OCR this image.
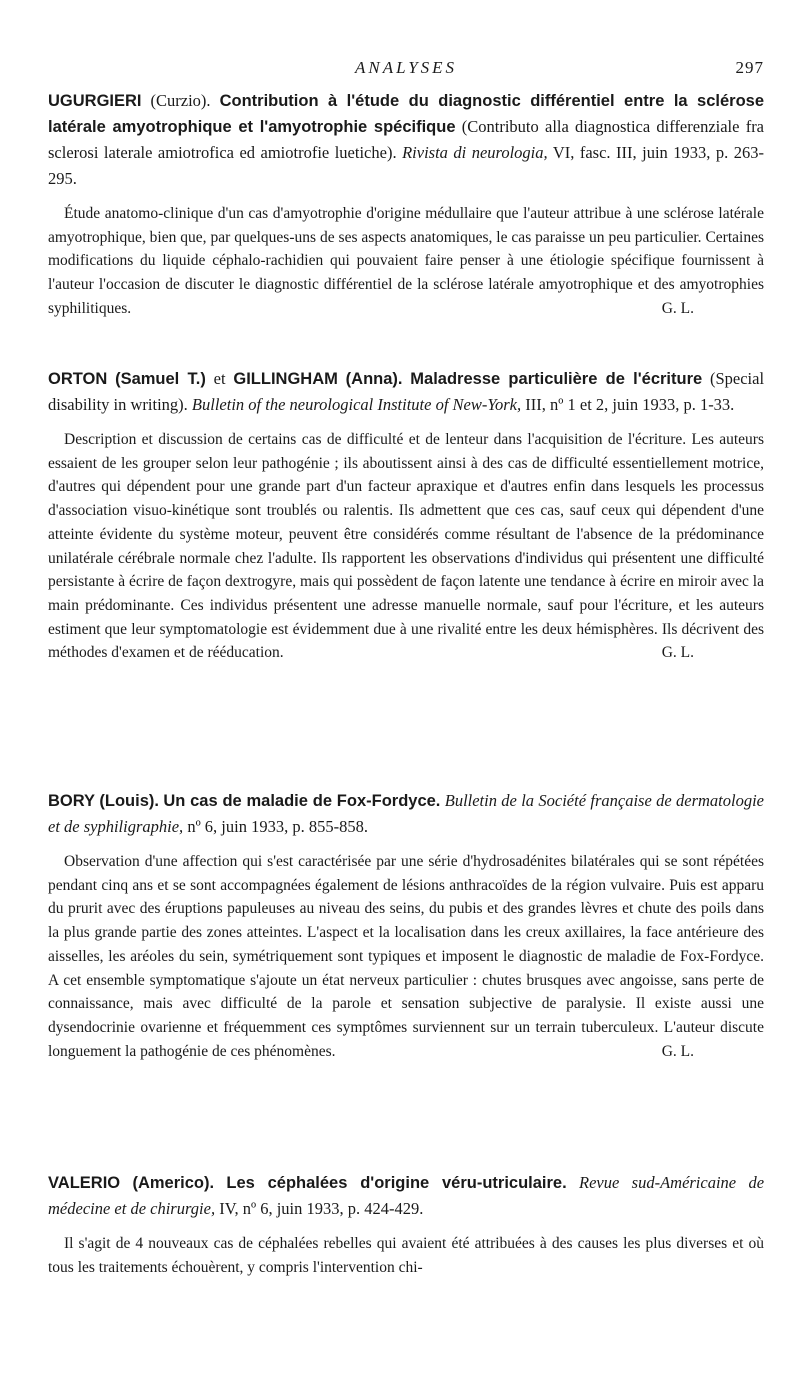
ANALYSES	297
UGURGIERI (Curzio). Contribution à l'étude du diagnostic différentiel entre la sclérose latérale amyotrophique et l'amyotrophie spécifique (Contributo alla diagnostica differenziale fra sclerosi laterale amiotrofica ed amiotrofie luetiche). Rivista di neurologia, VI, fasc. III, juin 1933, p. 263-295.
Étude anatomo-clinique d'un cas d'amyotrophie d'origine médullaire que l'auteur attribue à une sclérose latérale amyotrophique, bien que, par quelques-uns de ses aspects anatomiques, le cas paraisse un peu particulier. Certaines modifications du liquide céphalo-rachidien qui pouvaient faire penser à une étiologie spécifique fournissent à l'auteur l'occasion de discuter le diagnostic différentiel de la sclérose latérale amyotrophique et des amyotrophies syphilitiques.	G. L.
ORTON (Samuel T.) et GILLINGHAM (Anna). Maladresse particulière de l'écriture (Special disability in writing). Bulletin of the neurological Institute of New-York, III, nº 1 et 2, juin 1933, p. 1-33.
Description et discussion de certains cas de difficulté et de lenteur dans l'acquisition de l'écriture. Les auteurs essaient de les grouper selon leur pathogénie ; ils aboutissent ainsi à des cas de difficulté essentiellement motrice, d'autres qui dépendent pour une grande part d'un facteur apraxique et d'autres enfin dans lesquels les processus d'association visuo-kinétique sont troublés ou ralentis. Ils admettent que ces cas, sauf ceux qui dépendent d'une atteinte évidente du système moteur, peuvent être considérés comme résultant de l'absence de la prédominance unilatérale cérébrale normale chez l'adulte. Ils rapportent les observations d'individus qui présentent une difficulté persistante à écrire de façon dextrogyre, mais qui possèdent de façon latente une tendance à écrire en miroir avec la main prédominante. Ces individus présentent une adresse manuelle normale, sauf pour l'écriture, et les auteurs estiment que leur symptomatologie est évidemment due à une rivalité entre les deux hémisphères. Ils décrivent des méthodes d'examen et de rééducation.	G. L.
BORY (Louis). Un cas de maladie de Fox-Fordyce. Bulletin de la Société française de dermatologie et de syphiligraphie, nº 6, juin 1933, p. 855-858.
Observation d'une affection qui s'est caractérisée par une série d'hydrosadénites bilatérales qui se sont répétées pendant cinq ans et se sont accompagnées également de lésions anthracoïdes de la région vulvaire. Puis est apparu du prurit avec des éruptions papuleuses au niveau des seins, du pubis et des grandes lèvres et chute des poils dans la plus grande partie des zones atteintes. L'aspect et la localisation dans les creux axillaires, la face antérieure des aisselles, les aréoles du sein, symétriquement sont typiques et imposent le diagnostic de maladie de Fox-Fordyce. A cet ensemble symptomatique s'ajoute un état nerveux particulier : chutes brusques avec angoisse, sans perte de connaissance, mais avec difficulté de la parole et sensation subjective de paralysie. Il existe aussi une dysendocrinie ovarienne et fréquemment ces symptômes surviennent sur un terrain tuberculeux. L'auteur discute longuement la pathogénie de ces phénomènes.	G. L.
VALERIO (Americo). Les céphalées d'origine véru-utriculaire. Revue sud-Américaine de médecine et de chirurgie, IV, nº 6, juin 1933, p. 424-429.
Il s'agit de 4 nouveaux cas de céphalées rebelles qui avaient été attribuées à des causes les plus diverses et où tous les traitements échouèrent, y compris l'intervention chi-
